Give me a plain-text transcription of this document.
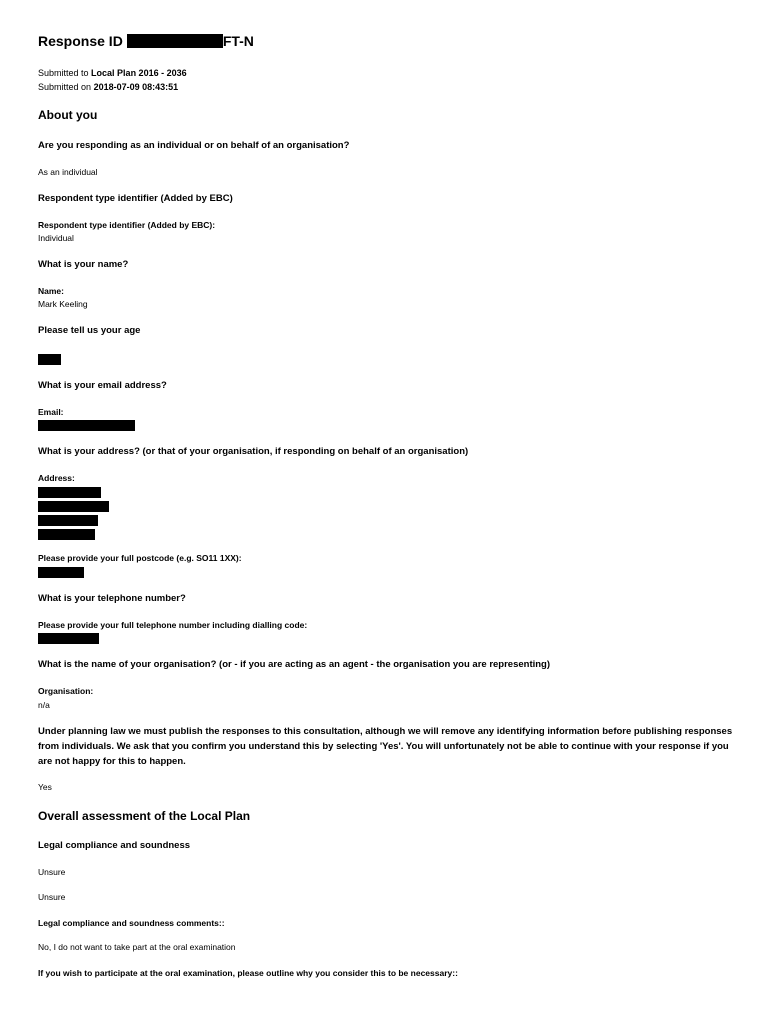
Response ID	FT-N
Submitted to Local Plan 2016 - 2036
Submitted on 2018-07-09 08:43:51
About you
Are you responding as an individual or on behalf of an organisation?
As an individual
Respondent type identifier (Added by EBC)
Respondent type identifier (Added by EBC):
Individual
What is your name?
Name:
Mark Keeling
Please tell us your age
What is your email address?
Email:
What is your address? (or that of your organisation, if responding on behalf of an organisation)
Address:
Please provide your full postcode (e.g. SO11 1XX):
What is your telephone number?
Please provide your full telephone number including dialling code:
What is the name of your organisation? (or - if you are acting as an agent - the organisation you are representing)
Organisation:
n/a
Under planning law we must publish the responses to this consultation, although we will remove any identifying information before publishing responses from individuals. We ask that you confirm you understand this by selecting 'Yes'. You will unfortunately not be able to continue with your response if you are not happy for this to happen.
Yes
Overall assessment of the Local Plan
Legal compliance and soundness
Unsure
Unsure
Legal compliance and soundness comments::
No, I do not want to take part at the oral examination
If you wish to participate at the oral examination, please outline why you consider this to be necessary::
